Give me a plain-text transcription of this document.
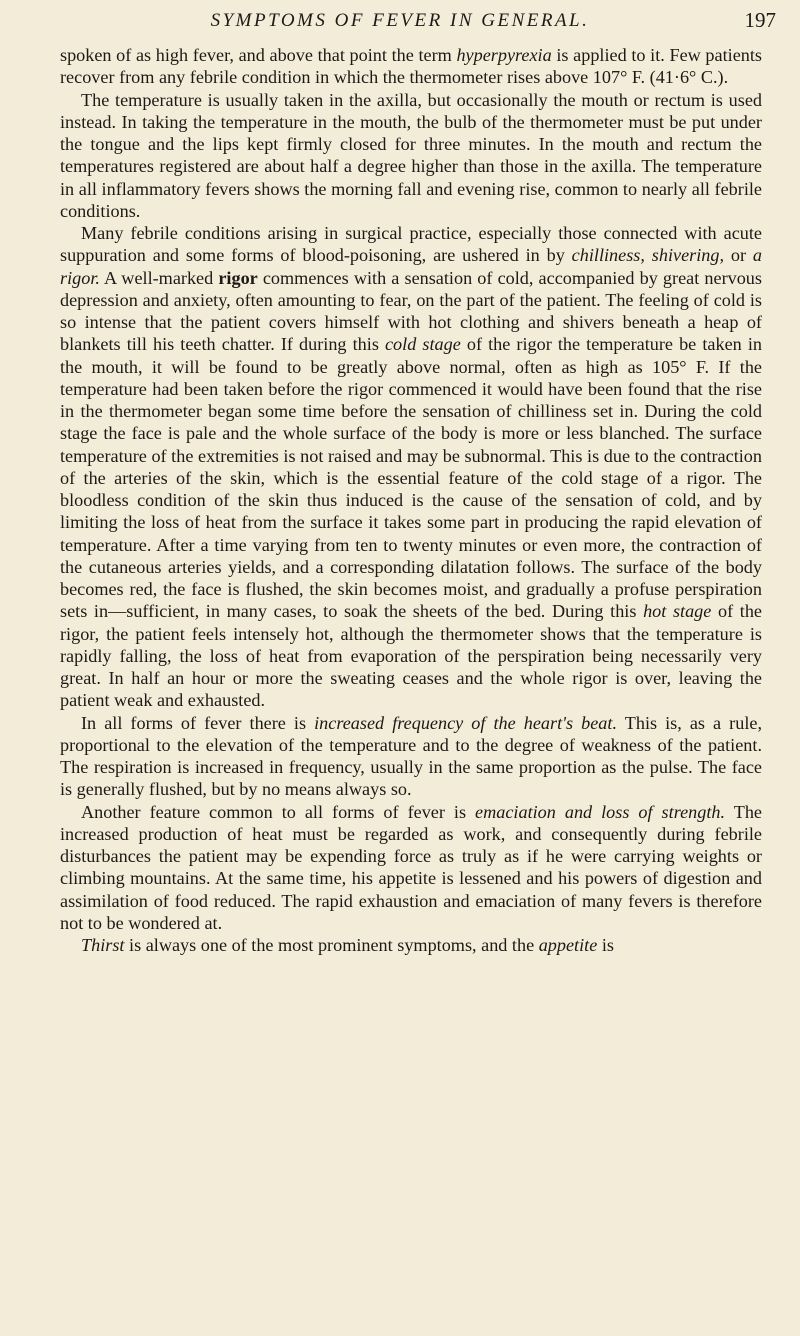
SYMPTOMS OF FEVER IN GENERAL.	197

spoken of as high fever, and above that point the term hyperpyrexia is applied to it. Few patients recover from any febrile condition in which the thermometer rises above 107° F. (41·6° C.).

The temperature is usually taken in the axilla, but occasionally the mouth or rectum is used instead. In taking the temperature in the mouth, the bulb of the thermometer must be put under the tongue and the lips kept firmly closed for three minutes. In the mouth and rectum the temperatures registered are about half a degree higher than those in the axilla. The temperature in all inflammatory fevers shows the morning fall and evening rise, common to nearly all febrile conditions.

Many febrile conditions arising in surgical practice, especially those connected with acute suppuration and some forms of blood-poisoning, are ushered in by chilliness, shivering, or a rigor. A well-marked rigor commences with a sensation of cold, accompanied by great nervous depression and anxiety, often amounting to fear, on the part of the patient. The feeling of cold is so intense that the patient covers himself with hot clothing and shivers beneath a heap of blankets till his teeth chatter. If during this cold stage of the rigor the temperature be taken in the mouth, it will be found to be greatly above normal, often as high as 105° F. If the temperature had been taken before the rigor commenced it would have been found that the rise in the thermometer began some time before the sensation of chilliness set in. During the cold stage the face is pale and the whole surface of the body is more or less blanched. The surface temperature of the extremities is not raised and may be subnormal. This is due to the contraction of the arteries of the skin, which is the essential feature of the cold stage of a rigor. The bloodless condition of the skin thus induced is the cause of the sensation of cold, and by limiting the loss of heat from the surface it takes some part in producing the rapid elevation of temperature. After a time varying from ten to twenty minutes or even more, the contraction of the cutaneous arteries yields, and a corresponding dilatation follows. The surface of the body becomes red, the face is flushed, the skin becomes moist, and gradually a profuse perspiration sets in—sufficient, in many cases, to soak the sheets of the bed. During this hot stage of the rigor, the patient feels intensely hot, although the thermometer shows that the temperature is rapidly falling, the loss of heat from evaporation of the perspiration being necessarily very great. In half an hour or more the sweating ceases and the whole rigor is over, leaving the patient weak and exhausted.

In all forms of fever there is increased frequency of the heart's beat. This is, as a rule, proportional to the elevation of the temperature and to the degree of weakness of the patient. The respiration is increased in frequency, usually in the same proportion as the pulse. The face is generally flushed, but by no means always so.

Another feature common to all forms of fever is emaciation and loss of strength. The increased production of heat must be regarded as work, and consequently during febrile disturbances the patient may be expending force as truly as if he were carrying weights or climbing mountains. At the same time, his appetite is lessened and his powers of digestion and assimilation of food reduced. The rapid exhaustion and emaciation of many fevers is therefore not to be wondered at.

Thirst is always one of the most prominent symptoms, and the appetite is
